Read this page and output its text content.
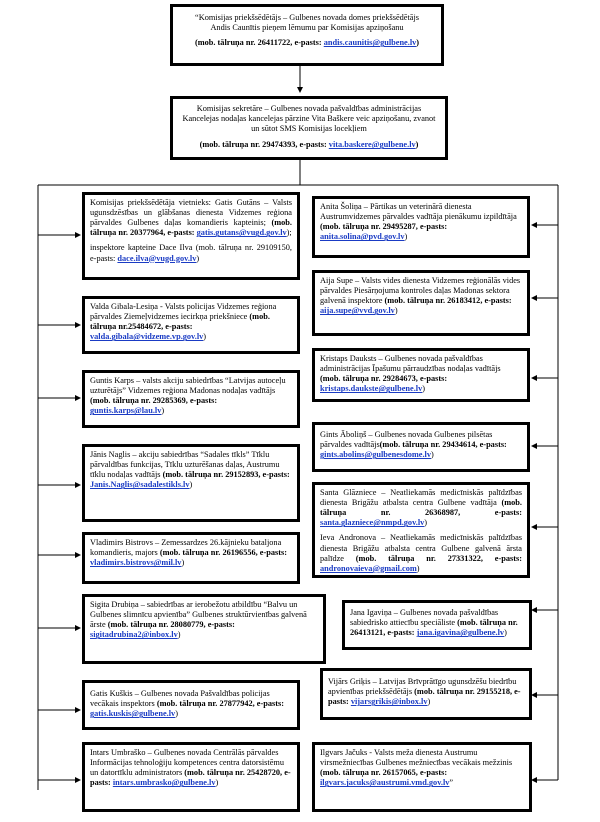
“Komisijas priekšsēdētājs – Gulbenes novada domes priekšsēdētājs
Andis Caunītis pieņem lēmumu par Komisijas apziņošanu
(mob. tālruņa nr. 26411722, e-pasts: andis.caunitis@gulbene.lv)
Komisijas sekretāre – Gulbenes novada pašvaldības administrācijas
Kancelejas nodaļas kancelejas pārzine Vita Baškere veic apziņošanu, zvanot
un sūtot SMS Komisijas locekļiem
(mob. tālruņa nr. 29474393, e-pasts: vita.baskere@gulbene.lv)
Komisijas priekšsēdētāja vietnieks: Gatis Gutāns – Valsts ugunsdzēsības un glābšanas dienesta Vidzemes reģiona pārvaldes Gulbenes daļas komandieris kapteinis; (mob. tālruņa nr. 20377964, e-pasts: gatis.gutans@vugd.gov.lv);
inspektore kapteine Dace Ilva (mob. tālruņa nr. 29109150, e-pasts: dace.ilva@vugd.gov.lv)
Valda Gibala-Lesiņa - Valsts policijas Vidzemes reģiona pārvaldes Ziemeļvidzemes iecirkņa priekšniece (mob. tālruņa nr.25484672, e-pasts: valda.gibala@vidzeme.vp.gov.lv)
Guntis Karps – valsts akciju sabiedrības “Latvijas autoceļu uzturētājs” Vidzemes reģiona Madonas nodaļas vadītājs (mob. tālruņa nr. 29285369, e-pasts: guntis.karps@lau.lv)
Jānis Naglis – akciju sabiedrības “Sadales tīkls” Tīklu pārvaldības funkcijas, Tīklu uzturēšanas daļas, Austrumu tīklu nodaļas vadītājs (mob. tālruņa nr. 29152893, e-pasts: Janis.Naglis@sadalestikls.lv)
Vladimirs Bistrovs – Zemessardzes 26.kājnieku bataljona komandieris, majors (mob. tālruņa nr. 26196556, e-pasts: vladimirs.bistrovs@mil.lv)
Sigita Drubiņa – sabiedrības ar ierobežotu atbildību “Balvu un Gulbenes slimnīcu apvienība” Gulbenes struktūrvienības galvenā ārste (mob. tālruņa nr. 28080779, e-pasts: sigitadrubina2@inbox.lv)
Gatis Kuškis – Gulbenes novada Pašvaldības policijas vecākais inspektors (mob. tālruņa nr. 27877942, e-pasts: gatis.kuskis@gulbene.lv)
Intars Umbraško – Gulbenes novada Centrālās pārvaldes Informācijas tehnoloģiju kompetences centra datorsistēmu un datortīklu administrators (mob. tālruņa nr. 25428720, e-pasts: intars.umbrasko@gulbene.lv)
Anita Šoliņa – Pārtikas un veterinārā dienesta Austrumvidzemes pārvaldes vadītāja pienākumu izpildītāja (mob. tālruņa nr. 29495287, e-pasts: anita.solina@pvd.gov.lv)
Aija Supe – Valsts vides dienesta Vidzemes reģionālās vides pārvaldes Piesārņojuma kontroles daļas Madonas sektora galvenā inspektore (mob. tālruņa nr. 26183412, e-pasts: aija.supe@vvd.gov.lv)
Kristaps Dauksts – Gulbenes novada pašvaldības administrācijas Īpašumu pārraudzības nodaļas vadītājs (mob. tālruņa nr. 29284673, e-pasts: kristaps.daukste@gulbene.lv)
Gints Āboliņš – Gulbenes novada Gulbenes pilsētas pārvaldes vadītājs(mob. tālruņa nr. 29434614, e-pasts: gints.abolins@gulbenesdome.lv)
Santa Glāzniece – Neatliekamās medicīniskās palīdzības dienesta Brigāžu atbalsta centra Gulbene vadītāja (mob. tālruņa nr. 26368987, e-pasts: santa.glazniece@nmpd.gov.lv)
Ieva Andronova – Neatliekamās medicīniskās palīdzības dienesta Brigāžu atbalsta centra Gulbene galvenā ārsta palīdze (mob. tālruņa nr. 27331322, e-pasts: andronovaieva@gmail.com)
Jana Igaviņa – Gulbenes novada pašvaldības sabiedrisko attiecību speciāliste (mob. tālruņa nr. 26413121, e-pasts: jana.igavina@gulbene.lv)
Vijārs Griķis – Latvijas Brīvprātīgo ugunsdzēšu biedrību apvienības priekšsēdētājs (mob. tālruņa nr. 29155218, e-pasts: vijarsgrikis@inbox.lv)
Ilgvars Jačuks - Valsts meža dienesta Austrumu virsmežniecības Gulbenes mežniecības vecākais mežzinis (mob. tālruņa nr. 26157065, e-pasts: ilgvars.jacuks@austrumi.vmd.gov.lv”
